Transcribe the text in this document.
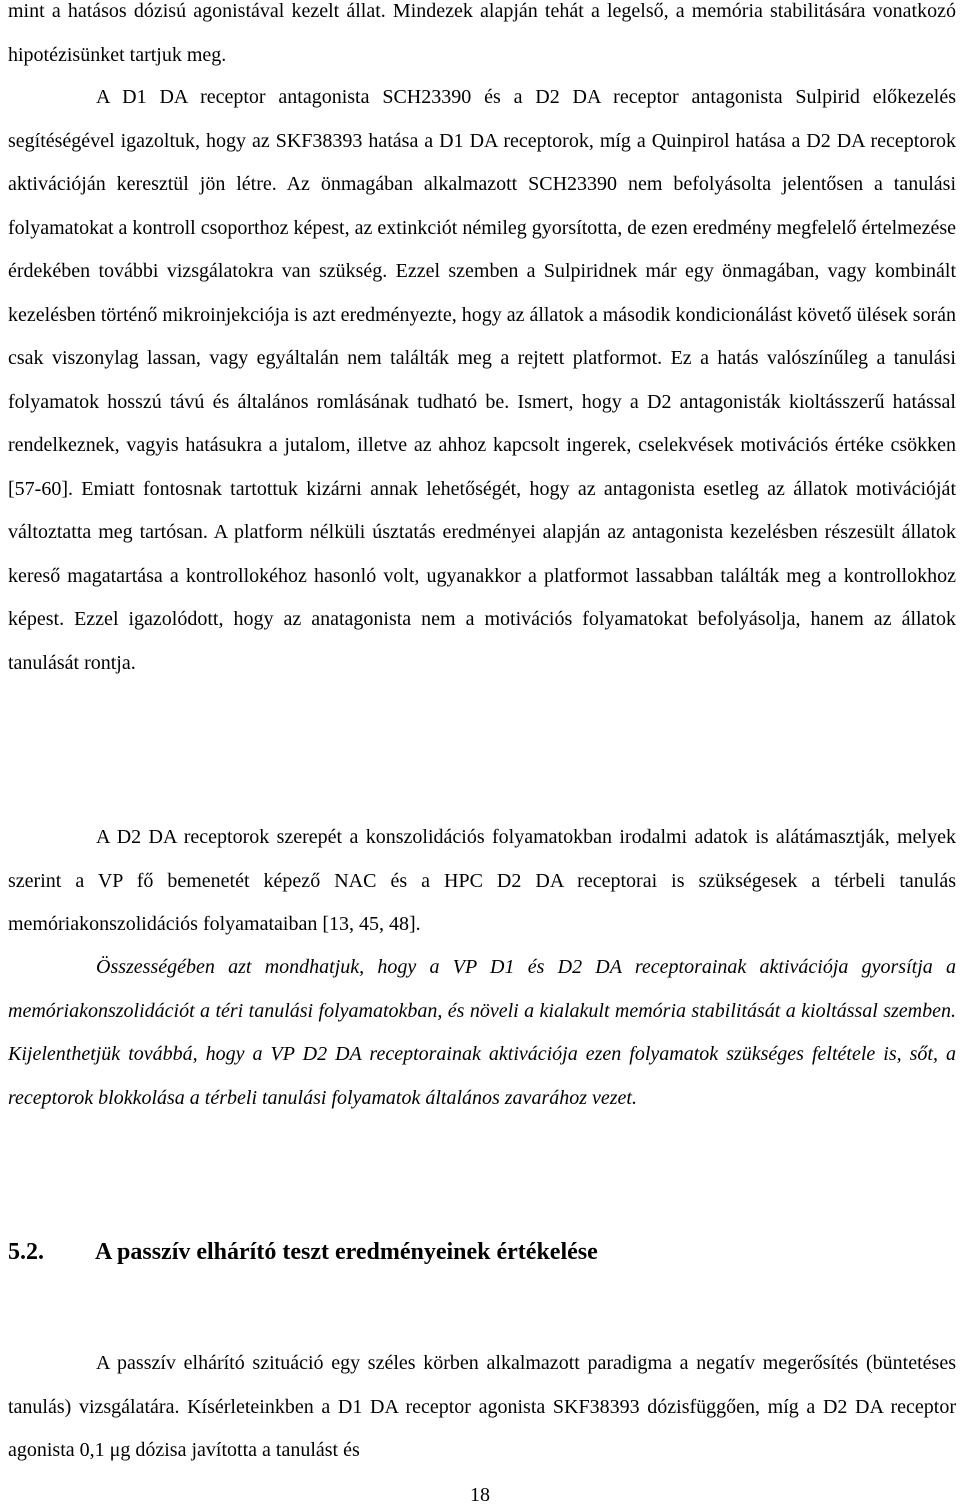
mint a hatásos dózisú agonistával kezelt állat. Mindezek alapján tehát a legelső, a memória stabilitására vonatkozó hipotézisünket tartjuk meg.

A D1 DA receptor antagonista SCH23390 és a D2 DA receptor antagonista Sulpirid előkezelés segítéségével igazoltuk, hogy az SKF38393 hatása a D1 DA receptorok, míg a Quinpirol hatása a D2 DA receptorok aktivációján keresztül jön létre. Az önmagában alkalmazott SCH23390 nem befolyásolta jelentősen a tanulási folyamatokat a kontroll csoporthoz képest, az extinkciót némileg gyorsította, de ezen eredmény megfelelő értelmezése érdekében további vizsgálatokra van szükség. Ezzel szemben a Sulpiridnek már egy önmagában, vagy kombinált kezelésben történő mikroinjekciója is azt eredményezte, hogy az állatok a második kondicionálást követő ülések során csak viszonylag lassan, vagy egyáltalán nem találták meg a rejtett platformot. Ez a hatás valószínűleg a tanulási folyamatok hosszú távú és általános romlásának tudható be. Ismert, hogy a D2 antagonisták kioltásszerű hatással rendelkeznek, vagyis hatásukra a jutalom, illetve az ahhoz kapcsolt ingerek, cselekvések motivációs értéke csökken [57-60]. Emiatt fontosnak tartottuk kizárni annak lehetőségét, hogy az antagonista esetleg az állatok motivációját változtatta meg tartósan. A platform nélküli úsztatás eredményei alapján az antagonista kezelésben részesült állatok kereső magatartása a kontrollokéhoz hasonló volt, ugyanakkor a platformot lassabban találták meg a kontrollokhoz képest. Ezzel igazolódott, hogy az anatagonista nem a motivációs folyamatokat befolyásolja, hanem az állatok tanulását rontja.

A D2 DA receptorok szerepét a konszolidációs folyamatokban irodalmi adatok is alátámasztják, melyek szerint a VP fő bemenetét képező NAC és a HPC D2 DA receptorai is szükségesek a térbeli tanulás memóriakonszolidációs folyamataiban [13, 45, 48].

Összességében azt mondhatjuk, hogy a VP D1 és D2 DA receptorainak aktivációja gyorsítja a memóriakonszolidációt a téri tanulási folyamatokban, és növeli a kialakult memória stabilitását a kioltással szemben. Kijelenthetjük továbbá, hogy a VP D2 DA receptorainak aktivációja ezen folyamatok szükséges feltétele is, sőt, a receptorok blokkolása a térbeli tanulási folyamatok általános zavarához vezet.

5.2. A passzív elhárító teszt eredményeinek értékelése

A passzív elhárító szituáció egy széles körben alkalmazott paradigma a negatív megerősítés (büntetéses tanulás) vizsgálatára. Kísérleteinkben a D1 DA receptor agonista SKF38393 dózisfüggően, míg a D2 DA receptor agonista 0,1 μg dózisa javította a tanulást és

18
